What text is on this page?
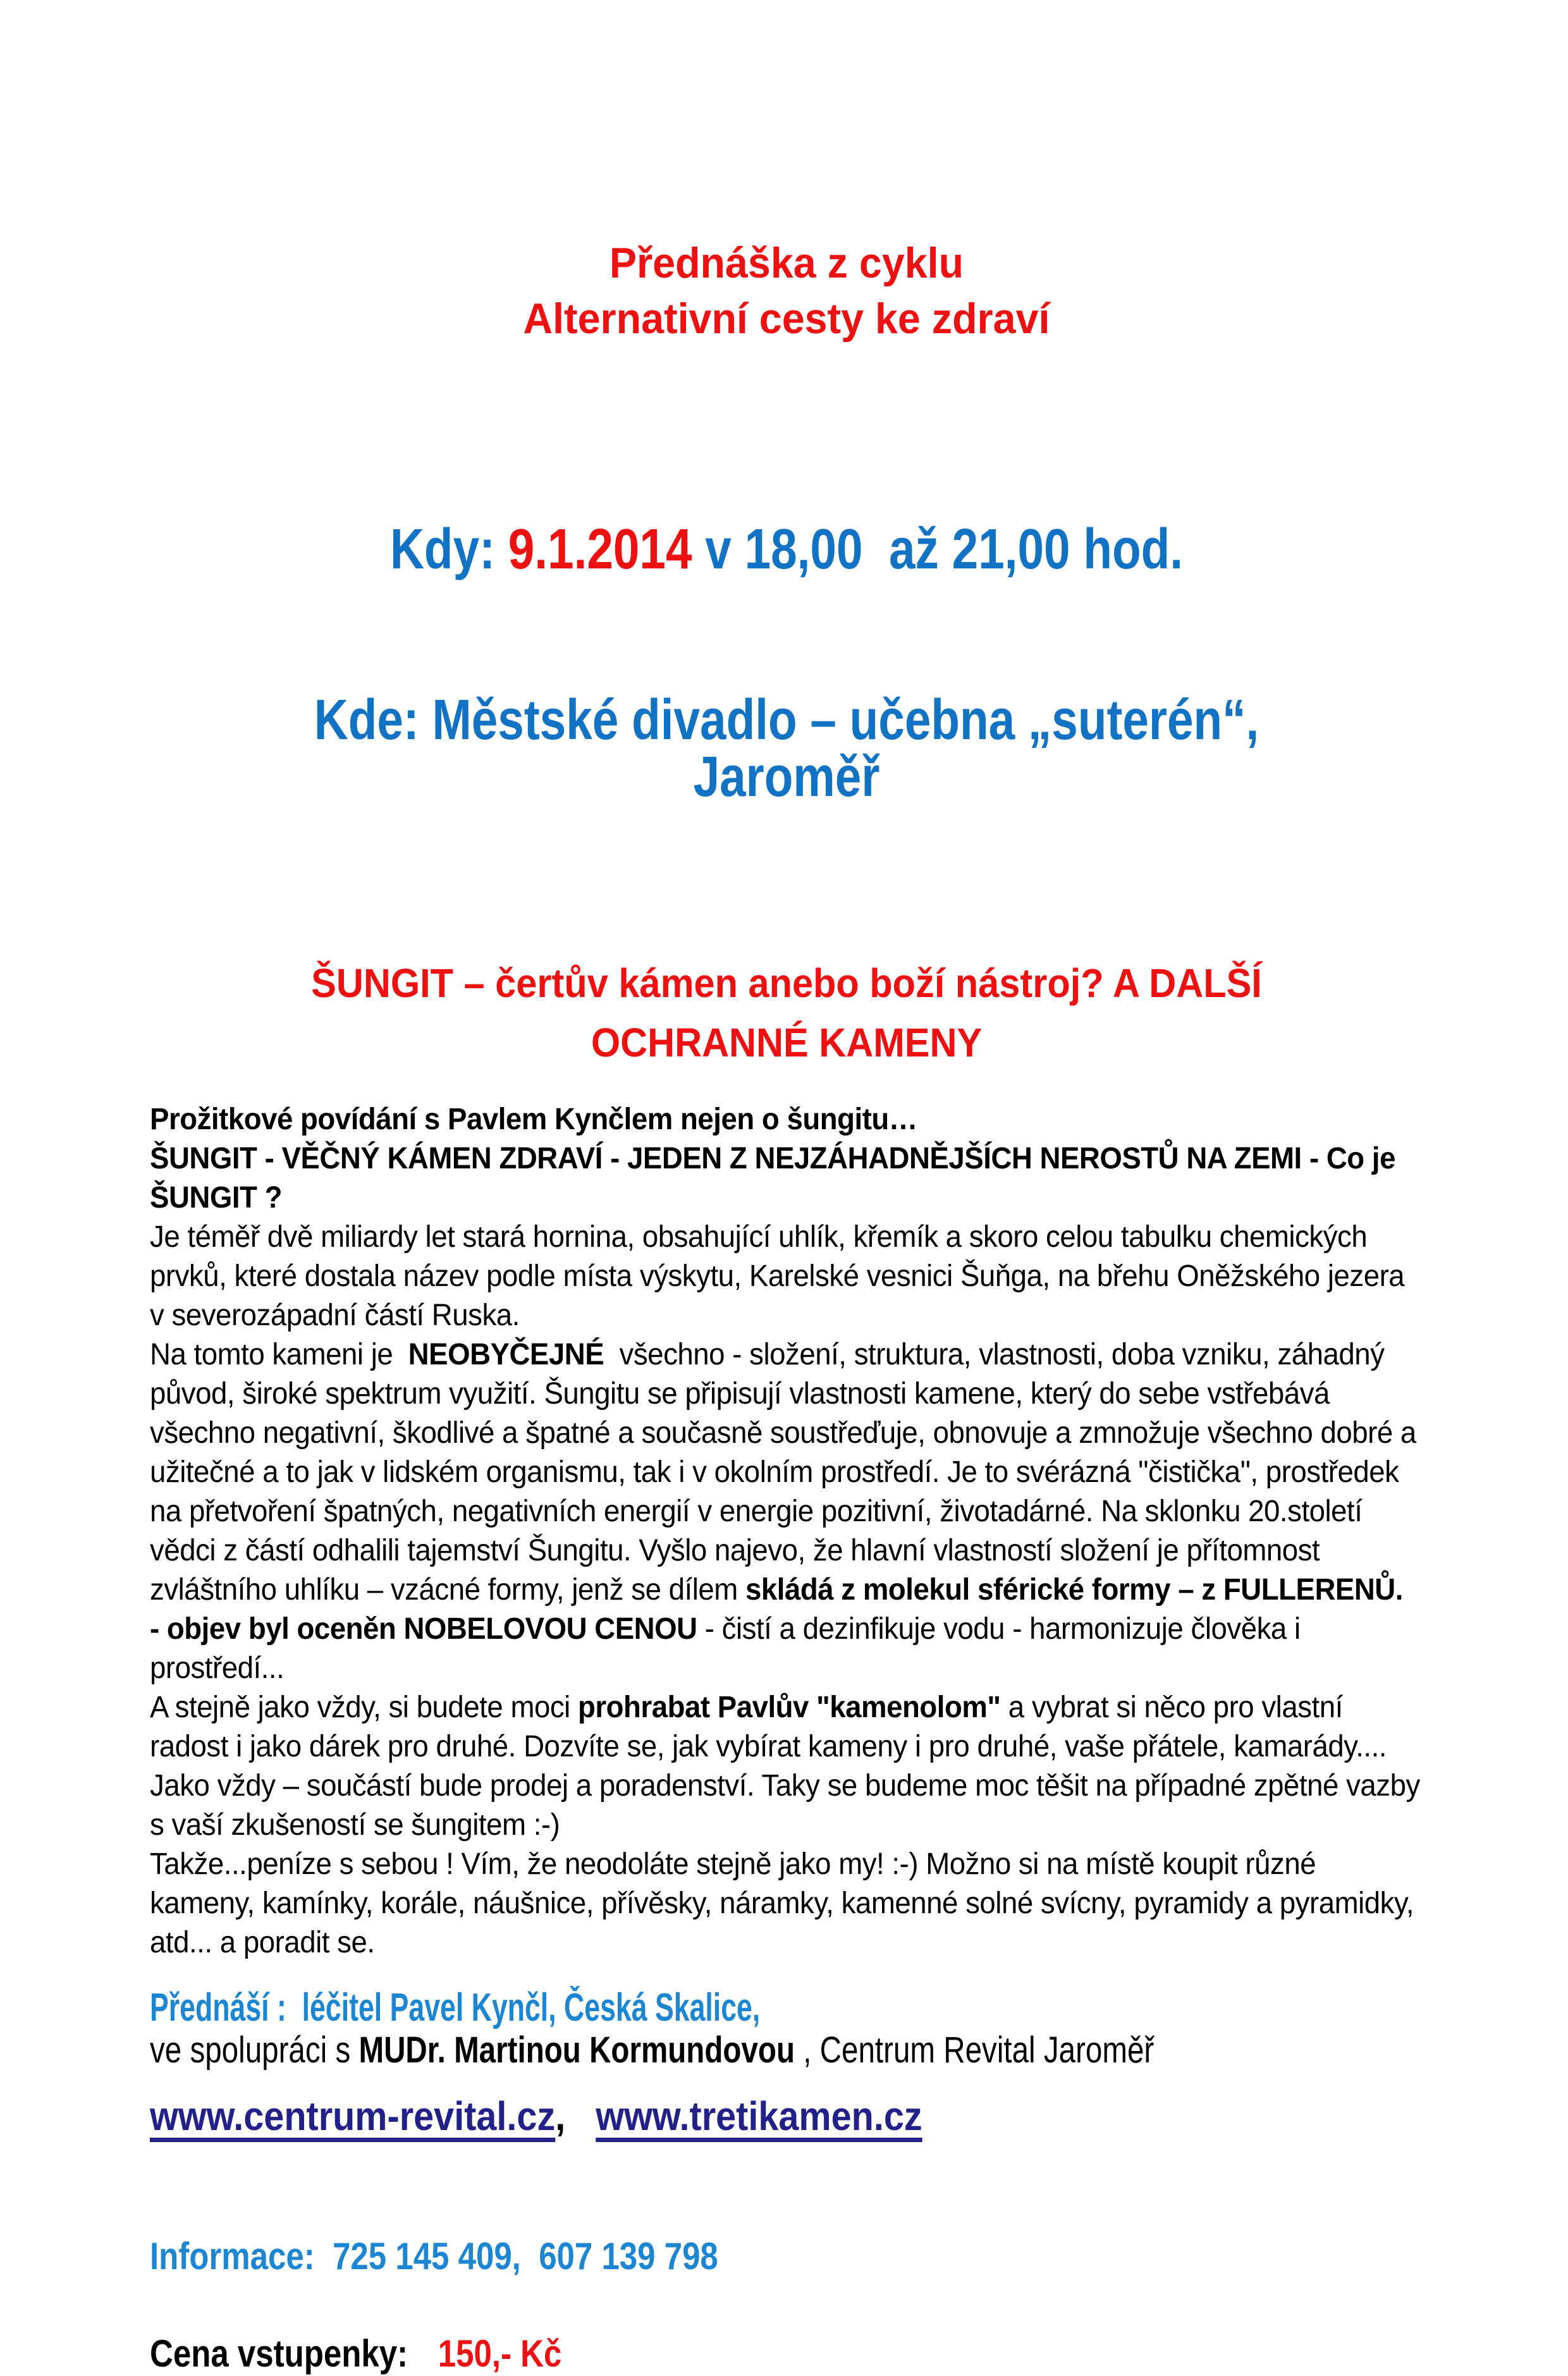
Přednáška z cyklu
Alternativní cesty ke zdraví

Kdy: 9.1.2014 v 18,00  až 21,00 hod.

Kde: Městské divadlo – učebna „suterén“, Jaroměř

ŠUNGIT – čertův kámen anebo boží nástroj? A DALŠÍ
OCHRANNÉ KAMENY
Prožitkové povídání s Pavlem Kynčlem nejen o šungitu…
ŠUNGIT - VĚČNÝ KÁMEN ZDRAVÍ - JEDEN Z NEJZÁHADNĚJŠÍCH NEROSTŮ NA ZEMI - Co je ŠUNGIT ?
Je téměř dvě miliardy let stará hornina, obsahující uhlík, křemík a skoro celou tabulku chemických prvků, které dostala název podle místa výskytu, Karelské vesnici Šuňga, na břehu Oněžského jezera v severozápadní částí Ruska.
Na tomto kameni je  NEOBYČEJNÉ  všechno - složení, struktura, vlastnosti, doba vzniku, záhadný původ, široké spektrum využití. Šungitu se připisují vlastnosti kamene, který do sebe vstřebává všechno negativní, škodlivé a špatné a současně soustřeďuje, obnovuje a zmnožuje všechno dobré a užitečné a to jak v lidském organismu, tak i v okolním prostředí. Je to svérázná "čistička", prostředek na přetvoření špatných, negativních energií v energie pozitivní, životadárné. Na sklonku 20.století vědci z částí odhalili tajemství Šungitu. Vyšlo najevo, že hlavní vlastností složení je přítomnost zvláštního uhlíku – vzácné formy, jenž se dílem skládá z molekul sférické formy – z FULLERENŮ.
- objev byl oceněn NOBELOVOU CENOU - čistí a dezinfikuje vodu - harmonizuje člověka i prostředí...
A stejně jako vždy, si budete moci prohrabat Pavlův "kamenolom" a vybrat si něco pro vlastní radost i jako dárek pro druhé. Dozvíte se, jak vybírat kameny i pro druhé, vaše přátele, kamarády....
Jako vždy – součástí bude prodej a poradenství. Taky se budeme moc těšit na případné zpětné vazby s vaší zkušeností se šungitem :-)
Takže...peníze s sebou ! Vím, že neodoláte stejně jako my! :-) Možno si na místě koupit různé kameny, kamínky, korále, náušnice, přívěsky, náramky, kamenné solné svícny, pyramidy a pyramidky, atd... a poradit se.
Přednáší :  léčitel Pavel Kynčl, Česká Skalice,
ve spolupráci s MUDr. Martinou Kormundovou , Centrum Revital Jaroměř
www.centrum-revital.cz,   www.tretikamen.cz
Informace:  725 145 409,  607 139 798
Cena vstupenky: 150,- Kč
